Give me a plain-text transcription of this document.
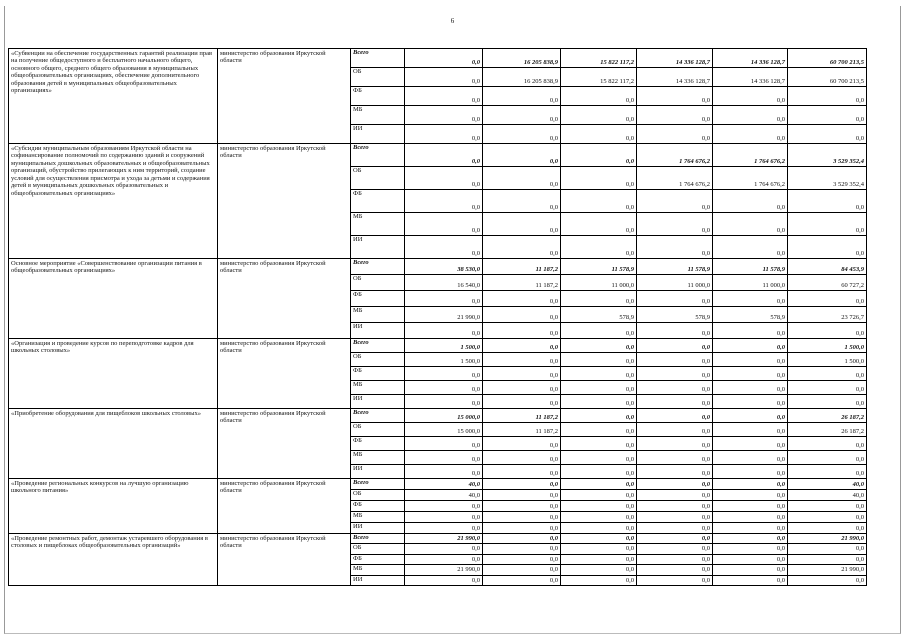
6
«Субвенции на обеспечение государственных гарантий реализации прав на получение общедоступного и бесплатного начального общего, основного общего, среднего общего образования в муниципальных общеобразовательных организациях, обеспечение дополнительного образования детей в муниципальных общеобразовательных организациях»	министерство образования Иркутской области	Всего	0,0	16 205 838,9	15 822 117,2	14 336 128,7	14 336 128,7	60 700 213,5
		ОБ	0,0	16 205 838,9	15 822 117,2	14 336 128,7	14 336 128,7	60 700 213,5
		ФБ	0,0	0,0	0,0	0,0	0,0	0,0
		МБ	0,0	0,0	0,0	0,0	0,0	0,0
		ИИ	0,0	0,0	0,0	0,0	0,0	0,0
«Субсидии муниципальным образованиям Иркутской области на софинансирование полномочий по содержанию зданий и сооружений муниципальных дошкольных образовательных и общеобразовательных организаций, обустройство прилегающих к ним территорий, создание условий для осуществления присмотра и ухода за детьми и содержания детей в муниципальных дошкольных образовательных и общеобразовательных организациях»	министерство образования Иркутской области	Всего	0,0	0,0	0,0	1 764 676,2	1 764 676,2	3 529 352,4
		ОБ	0,0	0,0	0,0	1 764 676,2	1 764 676,2	3 529 352,4
		ФБ	0,0	0,0	0,0	0,0	0,0	0,0
		МБ	0,0	0,0	0,0	0,0	0,0	0,0
		ИИ	0,0	0,0	0,0	0,0	0,0	0,0
Основное мероприятие «Совершенствование организации питания в общеобразовательных организациях»	министерство образования Иркутской области	Всего	38 530,0	11 187,2	11 578,9	11 578,9	11 578,9	84 453,9
		ОБ	16 540,0	11 187,2	11 000,0	11 000,0	11 000,0	60 727,2
		ФБ	0,0	0,0	0,0	0,0	0,0	0,0
		МБ	21 990,0	0,0	578,9	578,9	578,9	23 726,7
		ИИ	0,0	0,0	0,0	0,0	0,0	0,0
«Организация и проведение курсов по переподготовке кадров для школьных столовых»	министерство образования Иркутской области	Всего	1 500,0	0,0	0,0	0,0	0,0	1 500,0
		ОБ	1 500,0	0,0	0,0	0,0	0,0	1 500,0
		ФБ	0,0	0,0	0,0	0,0	0,0	0,0
		МБ	0,0	0,0	0,0	0,0	0,0	0,0
		ИИ	0,0	0,0	0,0	0,0	0,0	0,0
«Приобретение оборудования для пищеблоков школьных столовых»	министерство образования Иркутской области	Всего	15 000,0	11 187,2	0,0	0,0	0,0	26 187,2
		ОБ	15 000,0	11 187,2	0,0	0,0	0,0	26 187,2
		ФБ	0,0	0,0	0,0	0,0	0,0	0,0
		МБ	0,0	0,0	0,0	0,0	0,0	0,0
		ИИ	0,0	0,0	0,0	0,0	0,0	0,0
«Проведение региональных конкурсов на лучшую организацию школьного питания»	министерство образования Иркутской области	Всего	40,0	0,0	0,0	0,0	0,0	40,0
		ОБ	40,0	0,0	0,0	0,0	0,0	40,0
		ФБ	0,0	0,0	0,0	0,0	0,0	0,0
		МБ	0,0	0,0	0,0	0,0	0,0	0,0
		ИИ	0,0	0,0	0,0	0,0	0,0	0,0
«Проведение ремонтных работ, демонтаж устаревшего оборудования в столовых и пищеблоках общеобразовательных организаций»	министерство образования Иркутской области	Всего	21 990,0	0,0	0,0	0,0	0,0	21 990,0
		ОБ	0,0	0,0	0,0	0,0	0,0	0,0
		ФБ	0,0	0,0	0,0	0,0	0,0	0,0
		МБ	21 990,0	0,0	0,0	0,0	0,0	21 990,0
		ИИ	0,0	0,0	0,0	0,0	0,0	0,0
